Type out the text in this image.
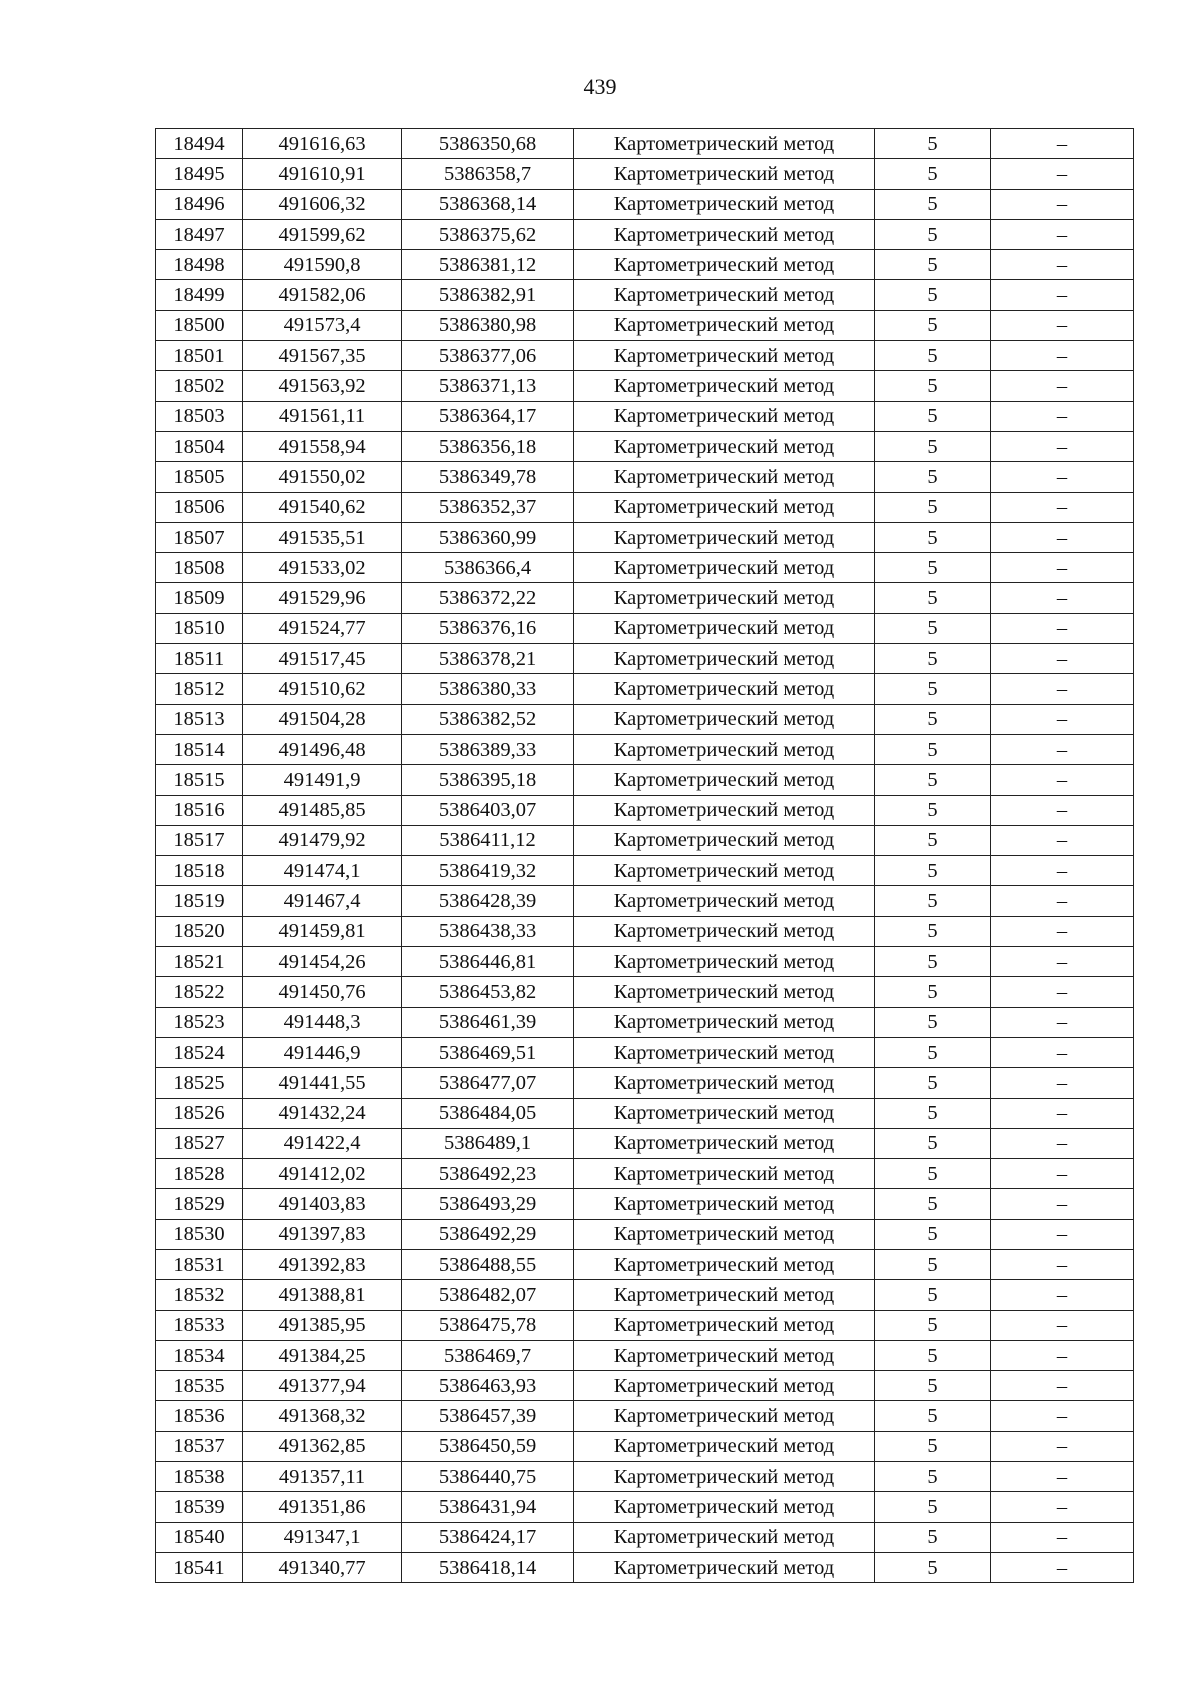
439
18494	491616,63	5386350,68	Картометрический метод	5	–
18495	491610,91	5386358,7	Картометрический метод	5	–
18496	491606,32	5386368,14	Картометрический метод	5	–
18497	491599,62	5386375,62	Картометрический метод	5	–
18498	491590,8	5386381,12	Картометрический метод	5	–
18499	491582,06	5386382,91	Картометрический метод	5	–
18500	491573,4	5386380,98	Картометрический метод	5	–
18501	491567,35	5386377,06	Картометрический метод	5	–
18502	491563,92	5386371,13	Картометрический метод	5	–
18503	491561,11	5386364,17	Картометрический метод	5	–
18504	491558,94	5386356,18	Картометрический метод	5	–
18505	491550,02	5386349,78	Картометрический метод	5	–
18506	491540,62	5386352,37	Картометрический метод	5	–
18507	491535,51	5386360,99	Картометрический метод	5	–
18508	491533,02	5386366,4	Картометрический метод	5	–
18509	491529,96	5386372,22	Картометрический метод	5	–
18510	491524,77	5386376,16	Картометрический метод	5	–
18511	491517,45	5386378,21	Картометрический метод	5	–
18512	491510,62	5386380,33	Картометрический метод	5	–
18513	491504,28	5386382,52	Картометрический метод	5	–
18514	491496,48	5386389,33	Картометрический метод	5	–
18515	491491,9	5386395,18	Картометрический метод	5	–
18516	491485,85	5386403,07	Картометрический метод	5	–
18517	491479,92	5386411,12	Картометрический метод	5	–
18518	491474,1	5386419,32	Картометрический метод	5	–
18519	491467,4	5386428,39	Картометрический метод	5	–
18520	491459,81	5386438,33	Картометрический метод	5	–
18521	491454,26	5386446,81	Картометрический метод	5	–
18522	491450,76	5386453,82	Картометрический метод	5	–
18523	491448,3	5386461,39	Картометрический метод	5	–
18524	491446,9	5386469,51	Картометрический метод	5	–
18525	491441,55	5386477,07	Картометрический метод	5	–
18526	491432,24	5386484,05	Картометрический метод	5	–
18527	491422,4	5386489,1	Картометрический метод	5	–
18528	491412,02	5386492,23	Картометрический метод	5	–
18529	491403,83	5386493,29	Картометрический метод	5	–
18530	491397,83	5386492,29	Картометрический метод	5	–
18531	491392,83	5386488,55	Картометрический метод	5	–
18532	491388,81	5386482,07	Картометрический метод	5	–
18533	491385,95	5386475,78	Картометрический метод	5	–
18534	491384,25	5386469,7	Картометрический метод	5	–
18535	491377,94	5386463,93	Картометрический метод	5	–
18536	491368,32	5386457,39	Картометрический метод	5	–
18537	491362,85	5386450,59	Картометрический метод	5	–
18538	491357,11	5386440,75	Картометрический метод	5	–
18539	491351,86	5386431,94	Картометрический метод	5	–
18540	491347,1	5386424,17	Картометрический метод	5	–
18541	491340,77	5386418,14	Картометрический метод	5	–
